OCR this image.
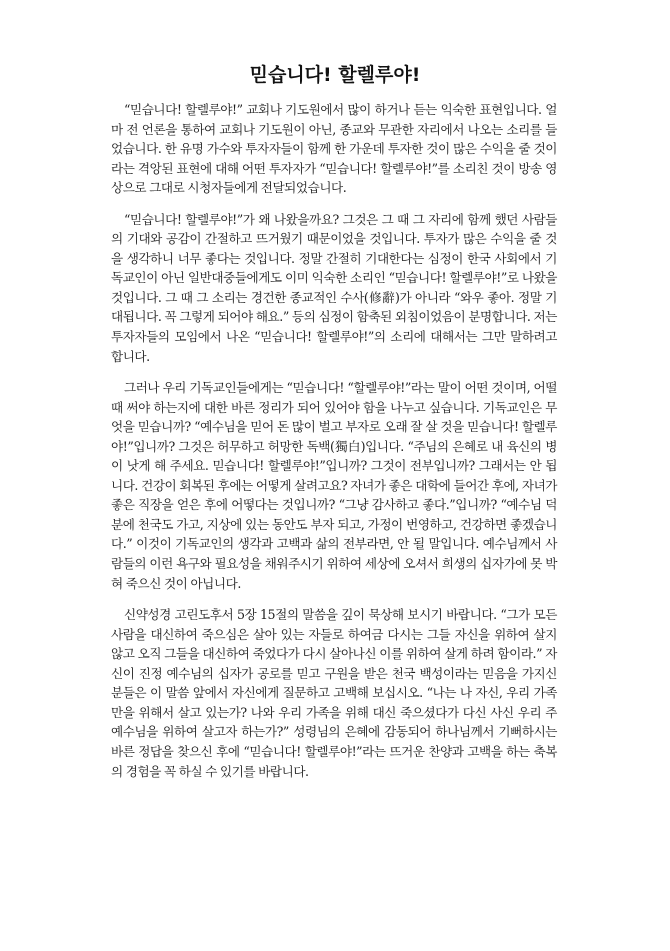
믿습니다! 할렐루야!

“믿습니다! 할렐루야!” 교회나 기도원에서 많이 하거나 듣는 익숙한 표현입니다. 얼마 전 언론을 통하여 교회나 기도원이 아닌, 종교와 무관한 자리에서 나오는 소리를 들었습니다. 한 유명 가수와 투자자들이 함께 한 가운데 투자한 것이 많은 수익을 줄 것이라는 격앙된 표현에 대해 어떤 투자자가 “믿습니다! 할렐루야!”를 소리친 것이 방송 영상으로 그대로 시청자들에게 전달되었습니다.

“믿습니다! 할렐루야!”가 왜 나왔을까요? 그것은 그 때 그 자리에 함께 했던 사람들의 기대와 공감이 간절하고 뜨거웠기 때문이었을 것입니다. 투자가 많은 수익을 줄 것을 생각하니 너무 좋다는 것입니다. 정말 간절히 기대한다는 심정이 한국 사회에서 기독교인이 아닌 일반대중들에게도 이미 익숙한 소리인 “믿습니다! 할렐루야!”로 나왔을 것입니다. 그 때 그 소리는 경건한 종교적인 수사(修辭)가 아니라 “와우 좋아. 정말 기대됩니다. 꼭 그렇게 되어야 해요.” 등의 심정이 함축된 외침이었음이 분명합니다. 저는 투자자들의 모임에서 나온 “믿습니다! 할렐루야!”의 소리에 대해서는 그만 말하려고 합니다.

그러나 우리 기독교인들에게는 “믿습니다! “할렐루야!”라는 말이 어떤 것이며, 어떨 때 써야 하는지에 대한 바른 정리가 되어 있어야 함을 나누고 싶습니다. 기독교인은 무엇을 믿습니까? “예수님을 믿어 돈 많이 벌고 부자로 오래 잘 살 것을 믿습니다! 할렐루야!”입니까? 그것은 허무하고 허망한 독백(獨白)입니다. “주님의 은혜로 내 육신의 병이 낫게 해 주세요. 믿습니다! 할렐루야!”입니까? 그것이 전부입니까? 그래서는 안 됩니다. 건강이 회복된 후에는 어떻게 살려고요? 자녀가 좋은 대학에 들어간 후에, 자녀가 좋은 직장을 얻은 후에 어떻다는 것입니까? “그냥 감사하고 좋다.”입니까? “예수님 덕분에 천국도 가고, 지상에 있는 동안도 부자 되고, 가정이 번영하고, 건강하면 좋겠습니다.” 이것이 기독교인의 생각과 고백과 삶의 전부라면, 안 될 말입니다. 예수님께서 사람들의 이런 욕구와 필요성을 채워주시기 위하여 세상에 오셔서 희생의 십자가에 못 박혀 죽으신 것이 아닙니다.

신약성경 고린도후서 5장 15절의 말씀을 깊이 묵상해 보시기 바랍니다. “그가 모든 사람을 대신하여 죽으심은 살아 있는 자들로 하여금 다시는 그들 자신을 위하여 살지 않고 오직 그들을 대신하여 죽었다가 다시 살아나신 이를 위하여 살게 하려 함이라.” 자신이 진정 예수님의 십자가 공로를 믿고 구원을 받은 천국 백성이라는 믿음을 가지신 분들은 이 말씀 앞에서 자신에게 질문하고 고백해 보십시오. “나는 나 자신, 우리 가족만을 위해서 살고 있는가? 나와 우리 가족을 위해 대신 죽으셨다가 다신 사신 우리 주 예수님을 위하여 살고자 하는가?” 성령님의 은혜에 감동되어 하나님께서 기뻐하시는 바른 정답을 찾으신 후에 “믿습니다! 할렐루야!”라는 뜨거운 찬양과 고백을 하는 축복의 경험을 꼭 하실 수 있기를 바랍니다.
